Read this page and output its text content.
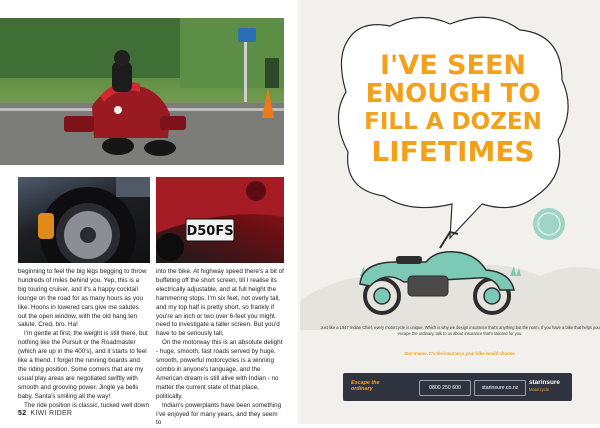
D50FS

beginning to feel the big legs begging to throw hundreds of miles behind you. Yep, this is a big touring cruiser, and it's a happy cocktail lounge on the road for as many hours as you like. Hoons in lowered cars give me salutes out the open window, with the old hang ten salute. Cred, bro. Ha!

I'm gentle at first, the weight is still there, but nothing like the Pursuit or the Roadmaster (which are up in the 400's), and it starts to feel like a friend. I forget the running boards and the riding position. Some corners that are my usual play areas are negotiated swiftly with smooth and grooving power. Jingle ya bells baby, Santa's smiling all the way!

The ride position is classic, tucked well down

into the bike. At highway speed there's a bit of buffeting off the short screen, till I realise its electrically adjustable, and at full height the hammering stops. I'm six feet, not overly tall, and my top half is pretty short, so frankly if you're an inch or two over 6-feet you might need to investigate a taller screen. But you'd have to be seriously tall.

On the motorway this is an absolute delight - huge, smooth, fast roads served by huge, smooth, powerful motorcycles is a winning combo in anyone's language, and the American dream is still alive with Indian - no matter the current state of that place, politically.

Indian's powerplants have been something I've enjoyed for many years, and they seem to

52 KIWI RIDER
I'VE SEEN
ENOUGH TO
FILL A DOZEN
LIFETIMES
Just like a 1947 Indian Chief, every motorcycle is unique. Which is why we design insurance that's anything but the norm. If you have a bike that helps you escape the ordinary, talk to us about insurance that's tailored for you.
Star Insure. It's the insurance your bike would choose.
Escape the ordinary	0800 250 600	starinsure.co.nz
starinsure
Motorcycle
